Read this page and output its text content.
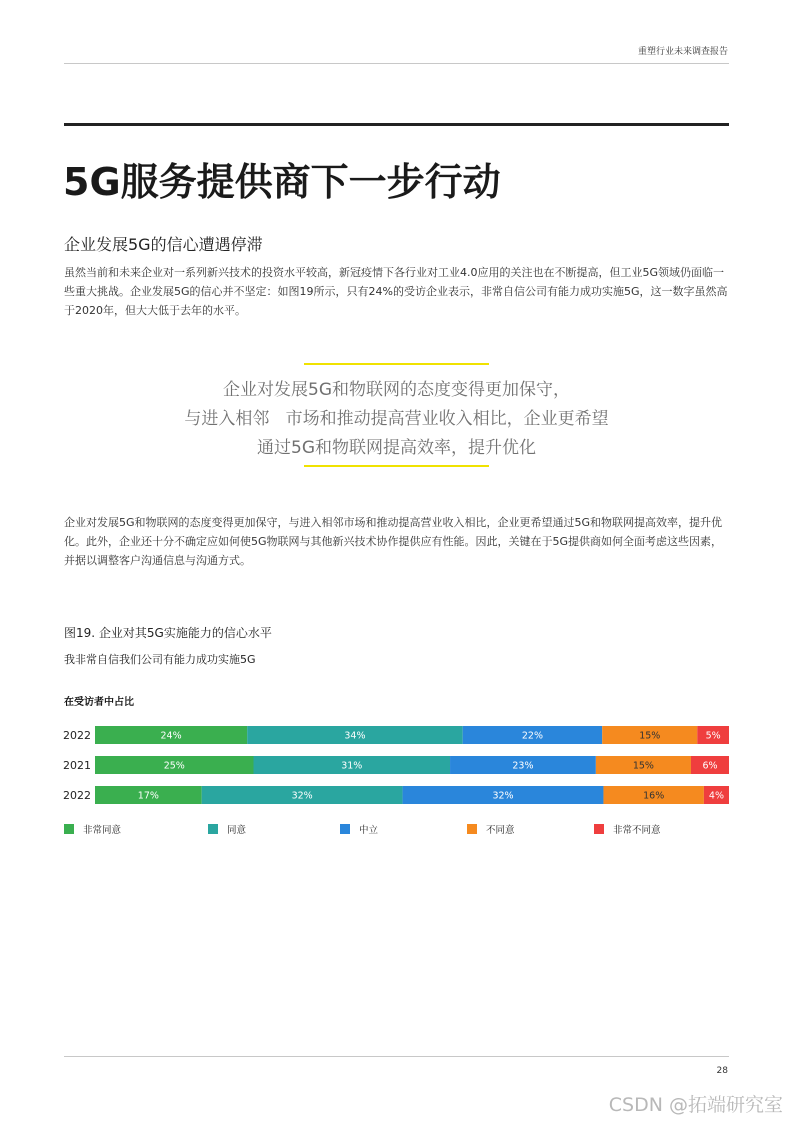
重塑行业未来调查报告
5G服务提供商下一步行动
企业发展5G的信心遭遇停滞
虽然当前和未来企业对一系列新兴技术的投资水平较高，新冠疫情下各行业对工业4.0应用的关注也在不断提高，但工业5G领域仍面临一些重大挑战。企业发展5G的信心并不坚定：如图19所示，只有24%的受访企业表示，非常自信公司有能力成功实施5G，这一数字虽然高于2020年，但大大低于去年的水平。
企业对发展5G和物联网的态度变得更加保守，
与进入相邻   市场和推动提高营业收入相比，企业更希望
通过5G和物联网提高效率，提升优化
企业对发展5G和物联网的态度变得更加保守，与进入相邻市场和推动提高营业收入相比，企业更希望通过5G和物联网提高效率，提升优化。此外，企业还十分不确定应如何使5G物联网与其他新兴技术协作提供应有性能。因此，关键在于5G提供商如何全面考虑这些因素，并据以调整客户沟通信息与沟通方式。
图19. 企业对其5G实施能力的信心水平
我非常自信我们公司有能力成功实施5G
在受访者中占比
2022	24%	34%	22%	15%	5%
2021	25%	31%	23%	15%	6%
2022	17%	32%	32%	16%	4%
非常同意	同意	中立	不同意	非常不同意
28
CSDN @拓端研究室
